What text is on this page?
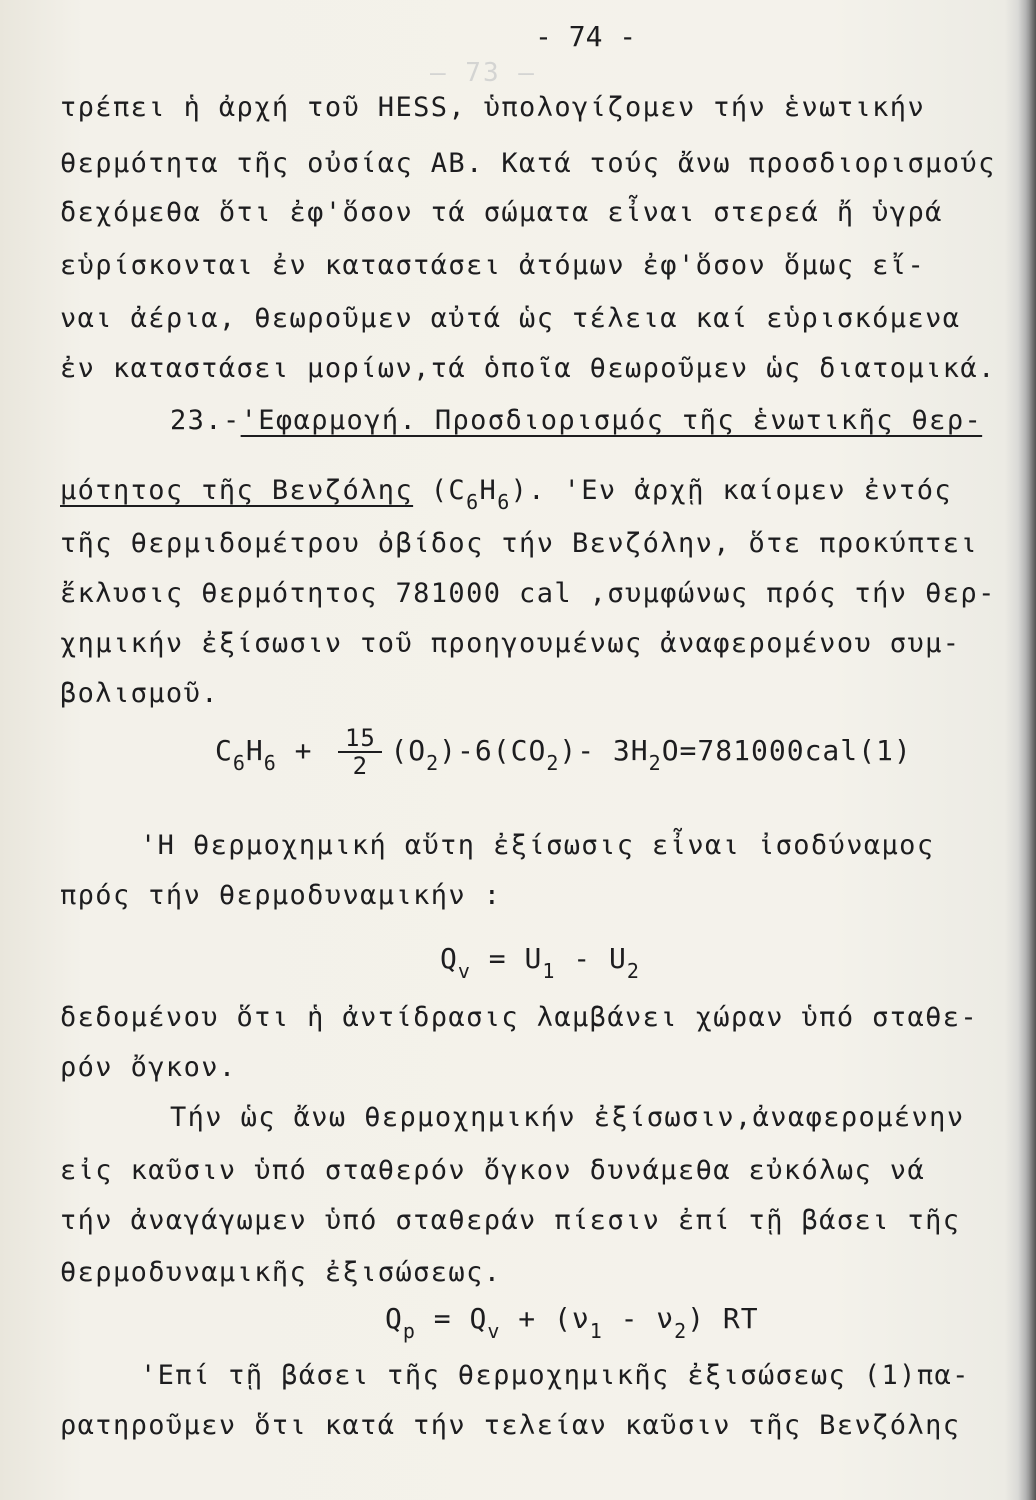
— 73 —
- 74 -
τρέπει ἡ ἀρχή τοῦ HESS, ὑπολογίζομεν τήν ἑνωτικήν
θερμότητα τῆς οὐσίας ΑΒ. Κατά τούς ἄνω προσδιορισμούς
δεχόμεθα ὅτι ἐφ'ὅσον τά σώματα εἶναι στερεά ἤ ὑγρά
εὑρίσκονται ἐν καταστάσει ἀτόμων ἐφ'ὅσον ὅμως εἴ-
ναι ἀέρια, θεωροῦμεν αὐτά ὡς τέλεια καί εὑρισκόμενα
ἐν καταστάσει μορίων,τά ὁποῖα θεωροῦμεν ὡς διατομικά.
23.-'Εφαρμογή. Προσδιορισμός τῆς ἑνωτικῆς θερ-
μότητος τῆς Βενζόλης $(C_6H_6)$. 'Εν ἀρχῇ καίομεν ἐντός
τῆς θερμιδομέτρου ὀβίδος τήν Βενζόλην, ὅτε προκύπτει
ἔκλυσις θερμότητος 781000 cal ,συμφώνως πρός τήν θερ-
χημικήν ἐξίσωσιν τοῦ προηγουμένως ἀναφερομένου συμ-
βολισμοῦ.
$C_6H_6 + \frac{15}{2} (O_2)-6(CO_2)-$ $3H_2O=781000cal(1)$
'Η θερμοχημική αὕτη ἐξίσωσις εἶναι ἰσοδύναμος
πρός τήν θερμοδυναμικήν :
$Q_v = U_1 - U_2$
δεδομένου ὅτι ἡ ἀντίδρασις λαμβάνει χώραν ὑπό σταθε-
ρόν ὄγκον.
Τήν ὡς ἄνω θερμοχημικήν ἐξίσωσιν,ἀναφερομένην
εἰς καῦσιν ὑπό σταθερόν ὄγκον δυνάμεθα εὐκόλως νά
τήν ἀναγάγωμεν ὑπό σταθεράν πίεσιν ἐπί τῇ βάσει τῆς
θερμοδυναμικῆς ἐξισώσεως.
$Q_p = Q_v + (\nu_1 - \nu_2)$ RT
'Επί τῇ βάσει τῆς θερμοχημικῆς ἐξισώσεως (1)πα-
ρατηροῦμεν ὅτι κατά τήν τελείαν καῦσιν τῆς Βενζόλης
